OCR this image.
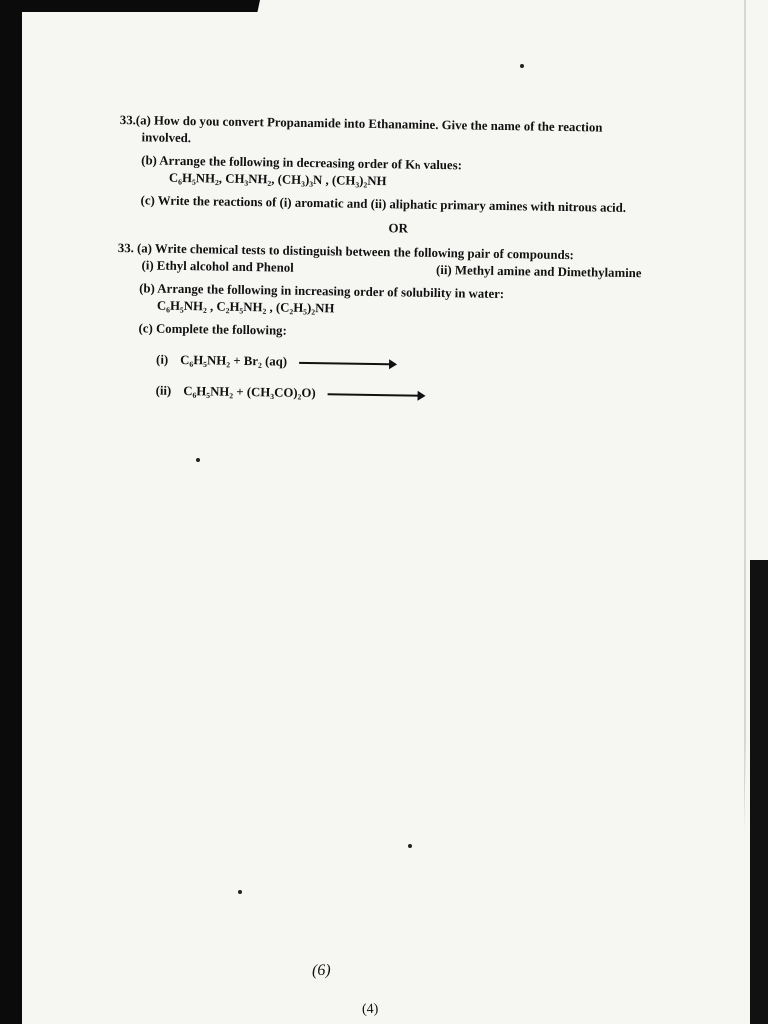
33.(a) How do you convert Propanamide into Ethanamine. Give the name of the reaction
involved.
(b) Arrange the following in decreasing order of Kₕ values:
C₆H₅NH₂, CH₃NH₂, (CH₃)₃N , (CH₃)₂NH
(c) Write the reactions of (i) aromatic and (ii) aliphatic primary amines with nitrous acid.
OR
33. (a) Write chemical tests to distinguish between the following pair of compounds:
(i) Ethyl alcohol and Phenol	(ii) Methyl amine and Dimethylamine
(b) Arrange the following in increasing order of solubility in water:
C₆H₅NH₂ , C₂H₅NH₂ , (C₂H₅)₂NH
(c) Complete the following:
(i) C₆H₅NH₂ + Br₂ (aq)
(ii) C₆H₅NH₂ + (CH₃CO)₂O)
(6)
(4)
